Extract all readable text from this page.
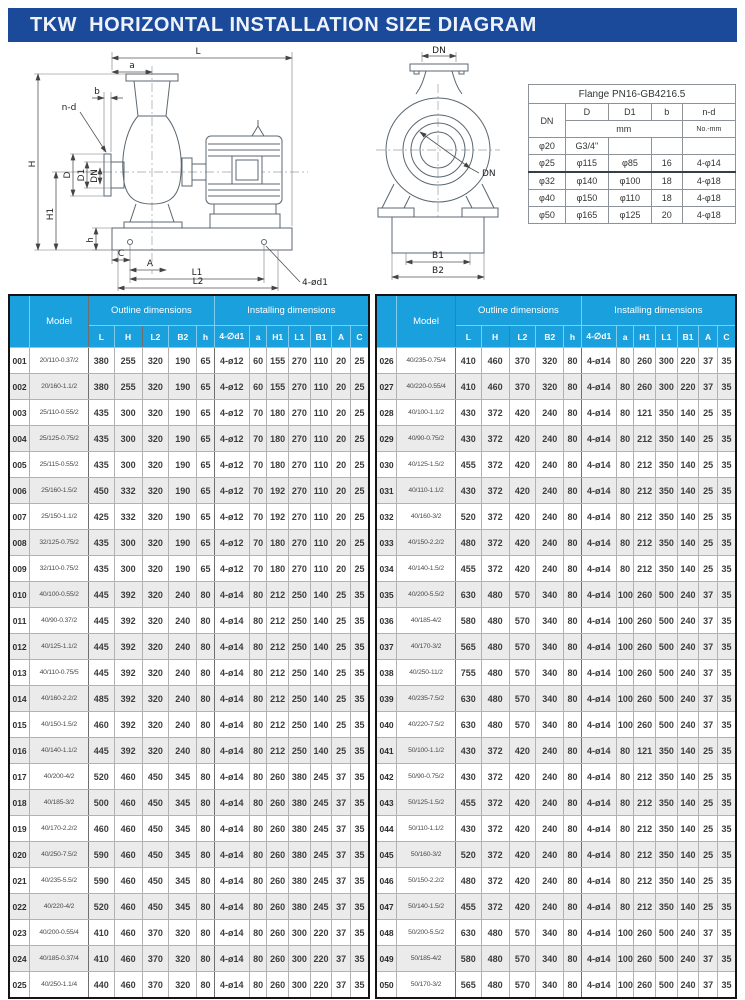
TKW  HORIZONTAL INSTALLATION SIZE DIAGRAM
L
a
b
n-d
H
H1
D D1 DN
h
C
A
L1
L2	4-ød1
DN
DN
B1
B2
Flange PN16-GB4216.5				
DN	D	D1	b	n-d
	mm			No.-mm
φ20	G3/4"			
φ25	φ115	φ85	16	4-φ14
φ32	φ140	φ100	18	4-φ18
φ40	φ150	φ110	18	4-φ18
φ50	φ165	φ125	20	4-φ18
	Model	Outline dimensions					Installing dimensions						
		L	H	L2	B2	h	4-∅d1	a	H1	L1	B1	A	C
001	20/110-0.37/2	380	255	320	190	65	4-ø12	60	155	270	110	20	25
002	20/160-1.1/2	380	255	320	190	65	4-ø12	60	155	270	110	20	25
003	25/110-0.55/2	435	300	320	190	65	4-ø12	70	180	270	110	20	25
004	25/125-0.75/2	435	300	320	190	65	4-ø12	70	180	270	110	20	25
005	25/115-0.55/2	435	300	320	190	65	4-ø12	70	180	270	110	20	25
006	25/160-1.5/2	450	332	320	190	65	4-ø12	70	192	270	110	20	25
007	25/150-1.1/2	425	332	320	190	65	4-ø12	70	192	270	110	20	25
008	32/125-0.75/2	435	300	320	190	65	4-ø12	70	180	270	110	20	25
009	32/110-0.75/2	435	300	320	190	65	4-ø12	70	180	270	110	20	25
010	40/100-0.55/2	445	392	320	240	80	4-ø14	80	212	250	140	25	35
011	40/90-0.37/2	445	392	320	240	80	4-ø14	80	212	250	140	25	35
012	40/125-1.1/2	445	392	320	240	80	4-ø14	80	212	250	140	25	35
013	40/110-0.75/5	445	392	320	240	80	4-ø14	80	212	250	140	25	35
014	40/160-2.2/2	485	392	320	240	80	4-ø14	80	212	250	140	25	35
015	40/150-1.5/2	460	392	320	240	80	4-ø14	80	212	250	140	25	35
016	40/140-1.1/2	445	392	320	240	80	4-ø14	80	212	250	140	25	35
017	40/200-4/2	520	460	450	345	80	4-ø14	80	260	380	245	37	35
018	40/185-3/2	500	460	450	345	80	4-ø14	80	260	380	245	37	35
019	40/170-2.2/2	460	460	450	345	80	4-ø14	80	260	380	245	37	35
020	40/250-7.5/2	590	460	450	345	80	4-ø14	80	260	380	245	37	35
021	40/235-5.5/2	590	460	450	345	80	4-ø14	80	260	380	245	37	35
022	40/220-4/2	520	460	450	345	80	4-ø14	80	260	380	245	37	35
023	40/200-0.55/4	410	460	370	320	80	4-ø14	80	260	300	220	37	35
024	40/185-0.37/4	410	460	370	320	80	4-ø14	80	260	300	220	37	35
025	40/250-1.1/4	440	460	370	320	80	4-ø14	80	260	300	220	37	35
	Model	Outline dimensions					Installing dimensions						
		L	H	L2	B2	h	4-∅d1	a	H1	L1	B1	A	C
026	40/235-0.75/4	410	460	370	320	80	4-ø14	80	260	300	220	37	35
027	40/220-0.55/4	410	460	370	320	80	4-ø14	80	260	300	220	37	35
028	40/100-1.1/2	430	372	420	240	80	4-ø14	80	121	350	140	25	35
029	40/90-0.75/2	430	372	420	240	80	4-ø14	80	212	350	140	25	35
030	40/125-1.5/2	455	372	420	240	80	4-ø14	80	212	350	140	25	35
031	40/110-1.1/2	430	372	420	240	80	4-ø14	80	212	350	140	25	35
032	40/160-3/2	520	372	420	240	80	4-ø14	80	212	350	140	25	35
033	40/150-2.2/2	480	372	420	240	80	4-ø14	80	212	350	140	25	35
034	40/140-1.5/2	455	372	420	240	80	4-ø14	80	212	350	140	25	35
035	40/200-5.5/2	630	480	570	340	80	4-ø14	100	260	500	240	37	35
036	40/185-4/2	580	480	570	340	80	4-ø14	100	260	500	240	37	35
037	40/170-3/2	565	480	570	340	80	4-ø14	100	260	500	240	37	35
038	40/250-11/2	755	480	570	340	80	4-ø14	100	260	500	240	37	35
039	40/235-7.5/2	630	480	570	340	80	4-ø14	100	260	500	240	37	35
040	40/220-7.5/2	630	480	570	340	80	4-ø14	100	260	500	240	37	35
041	50/100-1.1/2	430	372	420	240	80	4-ø14	80	121	350	140	25	35
042	50/90-0.75/2	430	372	420	240	80	4-ø14	80	212	350	140	25	35
043	50/125-1.5/2	455	372	420	240	80	4-ø14	80	212	350	140	25	35
044	50/110-1.1/2	430	372	420	240	80	4-ø14	80	212	350	140	25	35
045	50/160-3/2	520	372	420	240	80	4-ø14	80	212	350	140	25	35
046	50/150-2.2/2	480	372	420	240	80	4-ø14	80	212	350	140	25	35
047	50/140-1.5/2	455	372	420	240	80	4-ø14	80	212	350	140	25	35
048	50/200-5.5/2	630	480	570	340	80	4-ø14	100	260	500	240	37	35
049	50/185-4/2	580	480	570	340	80	4-ø14	100	260	500	240	37	35
050	50/170-3/2	565	480	570	340	80	4-ø14	100	260	500	240	37	35
